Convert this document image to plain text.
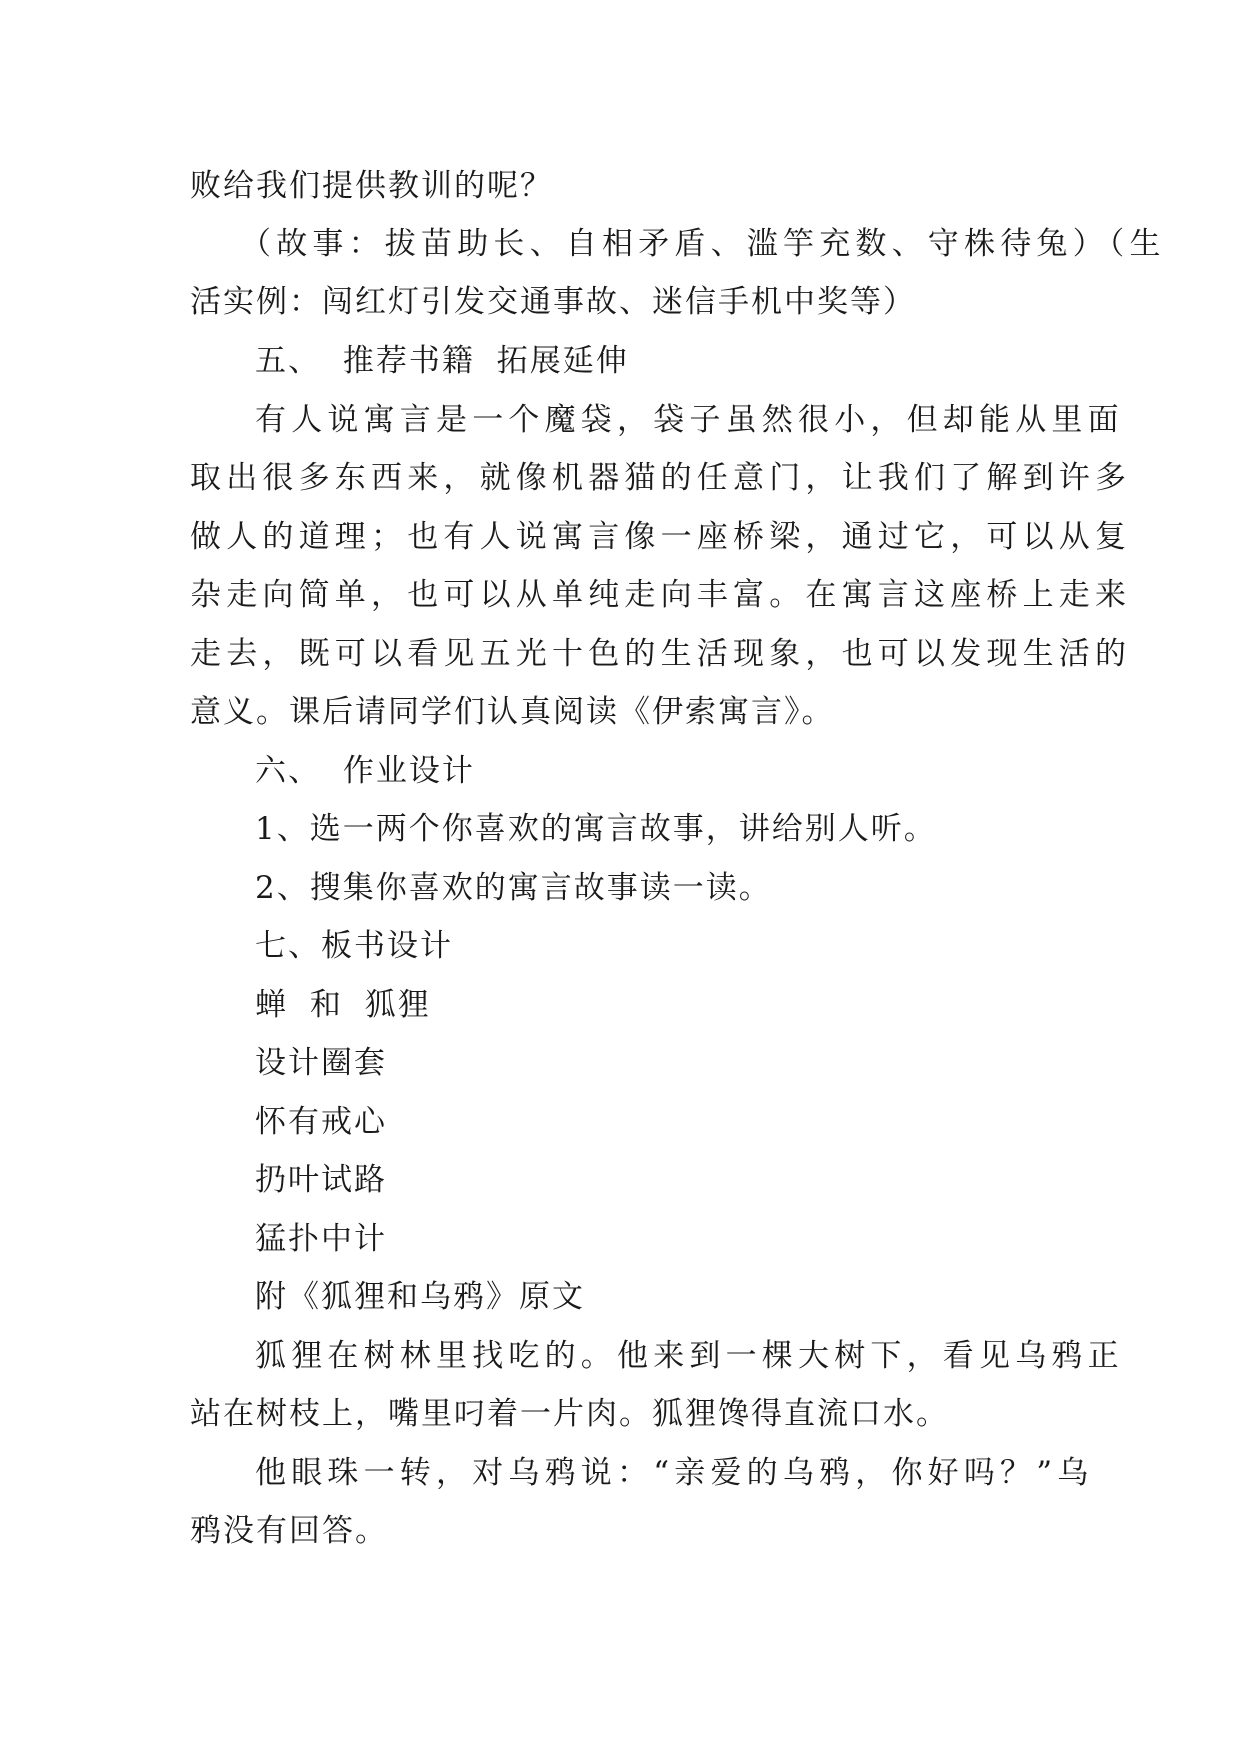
败给我们提供教训的呢？
（故事：拔苗助长、自相矛盾、滥竽充数、守株待兔）（生
活实例：闯红灯引发交通事故、迷信手机中奖等）
五、 推荐书籍 拓展延伸
有人说寓言是一个魔袋，袋子虽然很小，但却能从里面
取出很多东西来，就像机器猫的任意门，让我们了解到许多
做人的道理；也有人说寓言像一座桥梁，通过它，可以从复
杂走向简单，也可以从单纯走向丰富。在寓言这座桥上走来
走去，既可以看见五光十色的生活现象，也可以发现生活的
意义。课后请同学们认真阅读《伊索寓言》。
六、 作业设计
1、选一两个你喜欢的寓言故事，讲给别人听。
2、搜集你喜欢的寓言故事读一读。
七、板书设计
蝉 和 狐狸
设计圈套
怀有戒心
扔叶试路
猛扑中计
附《狐狸和乌鸦》原文
狐狸在树林里找吃的。他来到一棵大树下，看见乌鸦正
站在树枝上，嘴里叼着一片肉。狐狸馋得直流口水。
他眼珠一转，对乌鸦说：“亲爱的乌鸦，你好吗？”乌
鸦没有回答。
